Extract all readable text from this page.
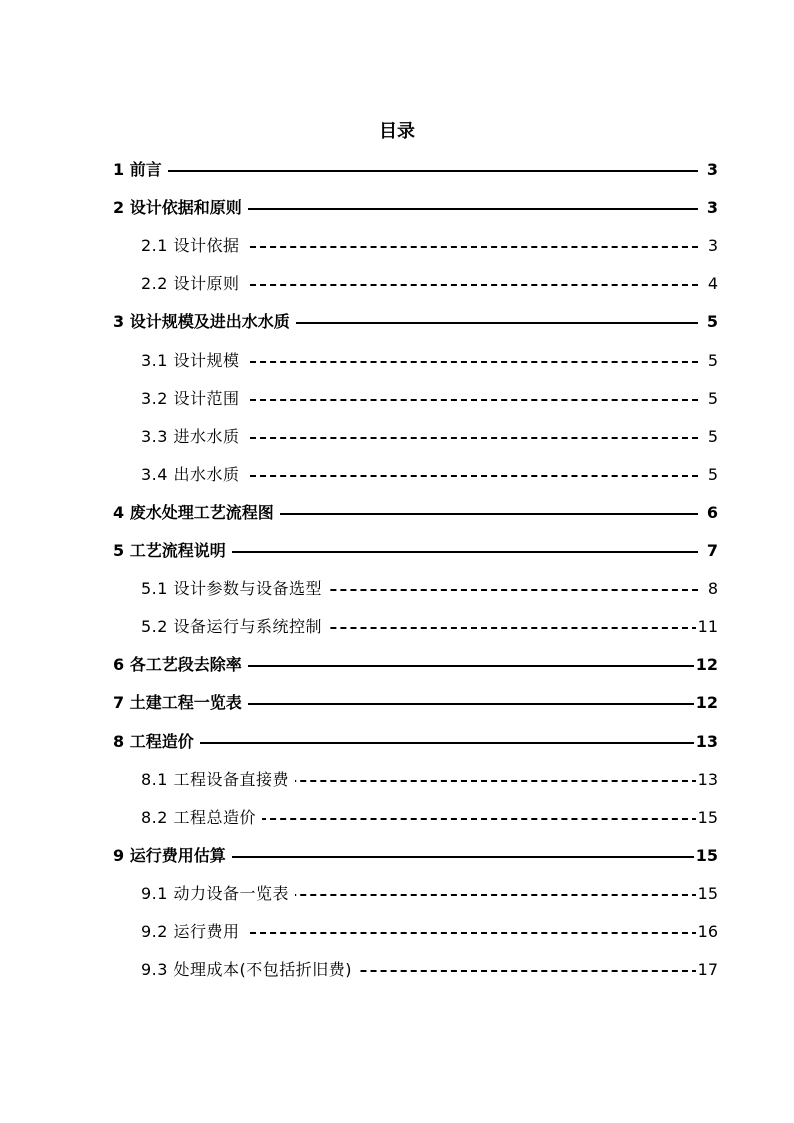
目录
1 前言	3
2 设计依据和原则	3
2.1 设计依据	3
2.2 设计原则	4
3 设计规模及进出水水质	5
3.1 设计规模	5
3.2 设计范围	5
3.3 进水水质	5
3.4 出水水质	5
4 废水处理工艺流程图	6
5 工艺流程说明	7
5.1 设计参数与设备选型	8
5.2 设备运行与系统控制	11
6 各工艺段去除率	12
7 土建工程一览表	12
8 工程造价	13
8.1 工程设备直接费	13
8.2 工程总造价	15
9 运行费用估算	15
9.1 动力设备一览表	15
9.2 运行费用	16
9.3 处理成本(不包括折旧费)	17
